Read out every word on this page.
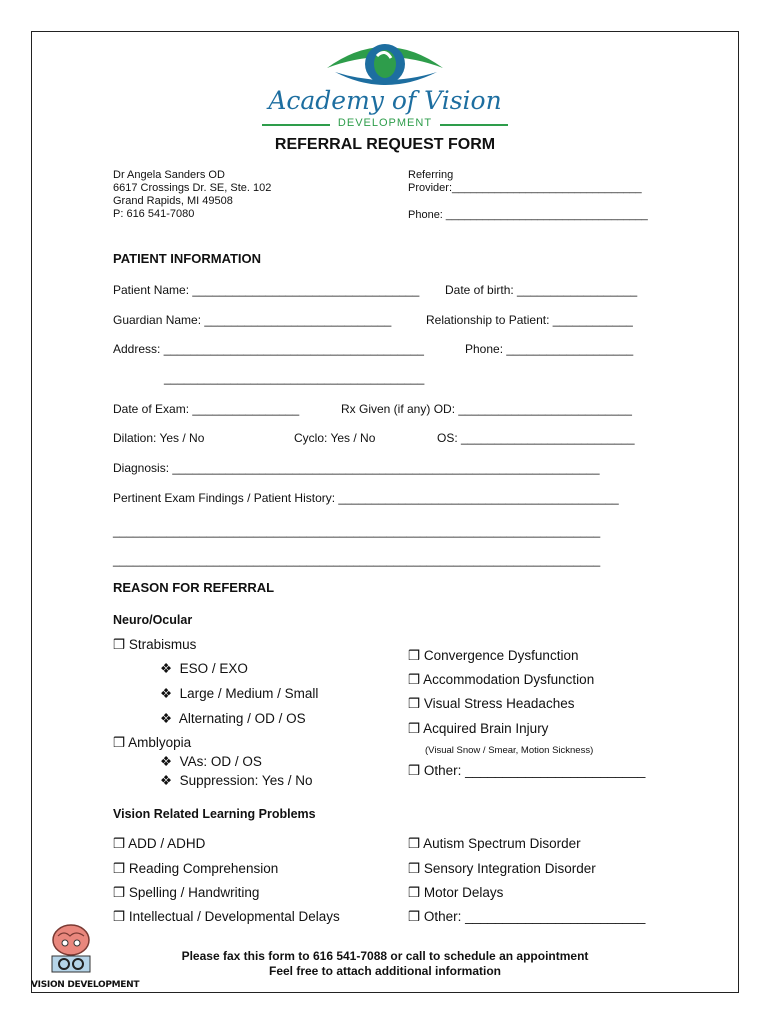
Academy of Vision
DEVELOPMENT
REFERRAL REQUEST FORM
Dr Angela Sanders OD
6617 Crossings Dr. SE, Ste. 102
Grand Rapids, MI 49508
P: 616 541-7080
Referring
Provider:_______________________________
Phone: _________________________________
PATIENT INFORMATION
Patient Name: __________________________________ Date of birth: __________________
Guardian Name: ____________________________	Relationship to Patient: ____________
Address: _______________________________________	Phone: ___________________
_______________________________________
Date of Exam: ________________	Rx Given (if any) OD: __________________________
Dilation: Yes / No	Cyclo: Yes / No	OS: __________________________
Diagnosis: ________________________________________________________________
Pertinent Exam Findings / Patient History: __________________________________________
_________________________________________________________________________
_________________________________________________________________________
REASON FOR REFERRAL
Neuro/Ocular
❒ Strabismus
❖ ESO / EXO
❖ Large / Medium / Small
❖ Alternating / OD / OS
❒ Amblyopia
❖ VAs: OD / OS
❖ Suppression: Yes / No
❒ Convergence Dysfunction
❒ Accommodation Dysfunction
❒ Visual Stress Headaches
❒ Acquired Brain Injury
(Visual Snow / Smear, Motion Sickness)
❒ Other: ________________________
Vision Related Learning Problems
❒ ADD / ADHD
❒ Reading Comprehension
❒ Spelling / Handwriting
❒ Intellectual / Developmental Delays
❒ Autism Spectrum Disorder
❒ Sensory Integration Disorder
❒ Motor Delays
❒ Other: ________________________
Please fax this form to 616 541-7088 or call to schedule an appointment
Feel free to attach additional information
VISION DEVELOPMENT
